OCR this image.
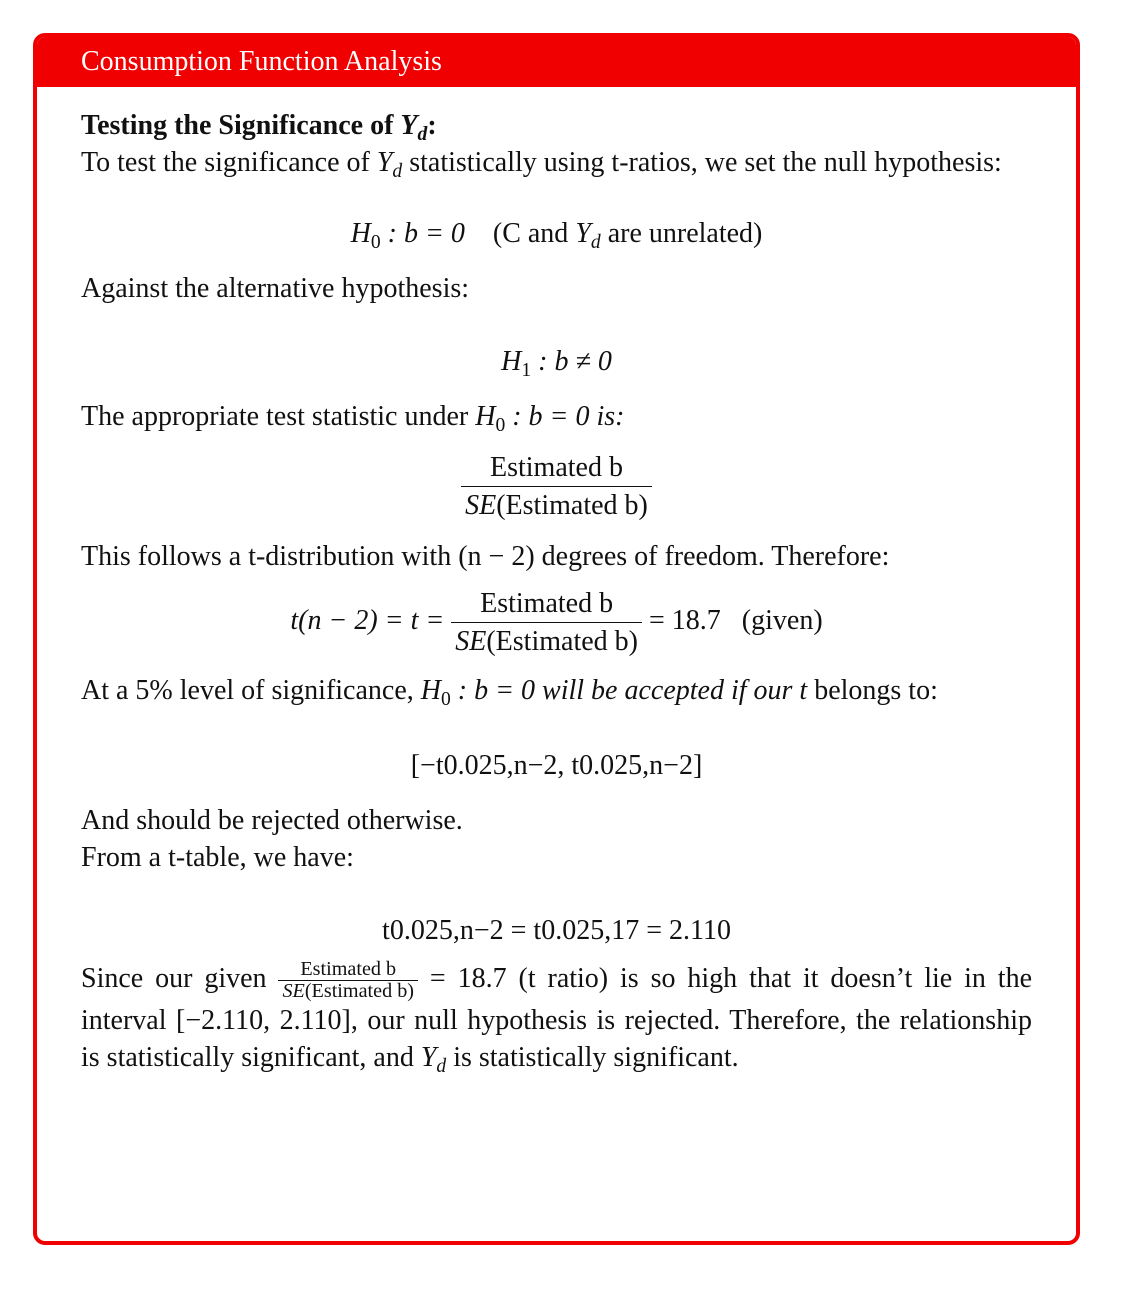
Consumption Function Analysis

Testing the Significance of $Y_d$:

To test the significance of $Y_d$ statistically using t-ratios, we set the null hypothesis:

$H_0$ : b = 0 (C and $Y_d$ are unrelated)

Against the alternative hypothesis:

$H_1$ : b ≠ 0

The appropriate test statistic under $H_0$ : b = 0 is:

$\frac{\text{Estimated b}}{\text{SE(Estimated b)}}$

This follows a t-distribution with (n − 2) degrees of freedom. Therefore:

$t(n - 2) = t = \frac{\text{Estimated b}}{\text{SE(Estimated b)}} = 18.7$ (given)

At a 5% level of significance, $H_0$ : b = 0 will be accepted if our t belongs to:

[−t0.025,n−2, t0.025,n−2]

And should be rejected otherwise.

From a t-table, we have:

t0.025,n−2 = t0.025,17 = 2.110

Since our given $\frac{\text{Estimated b}}{\text{SE(Estimated b)}} = 18.7$ (t ratio) is so high that it doesn’t lie in the interval [−2.110, 2.110], our null hypothesis is rejected. Therefore, the relationship is statistically significant, and $Y_d$ is statistically significant.
